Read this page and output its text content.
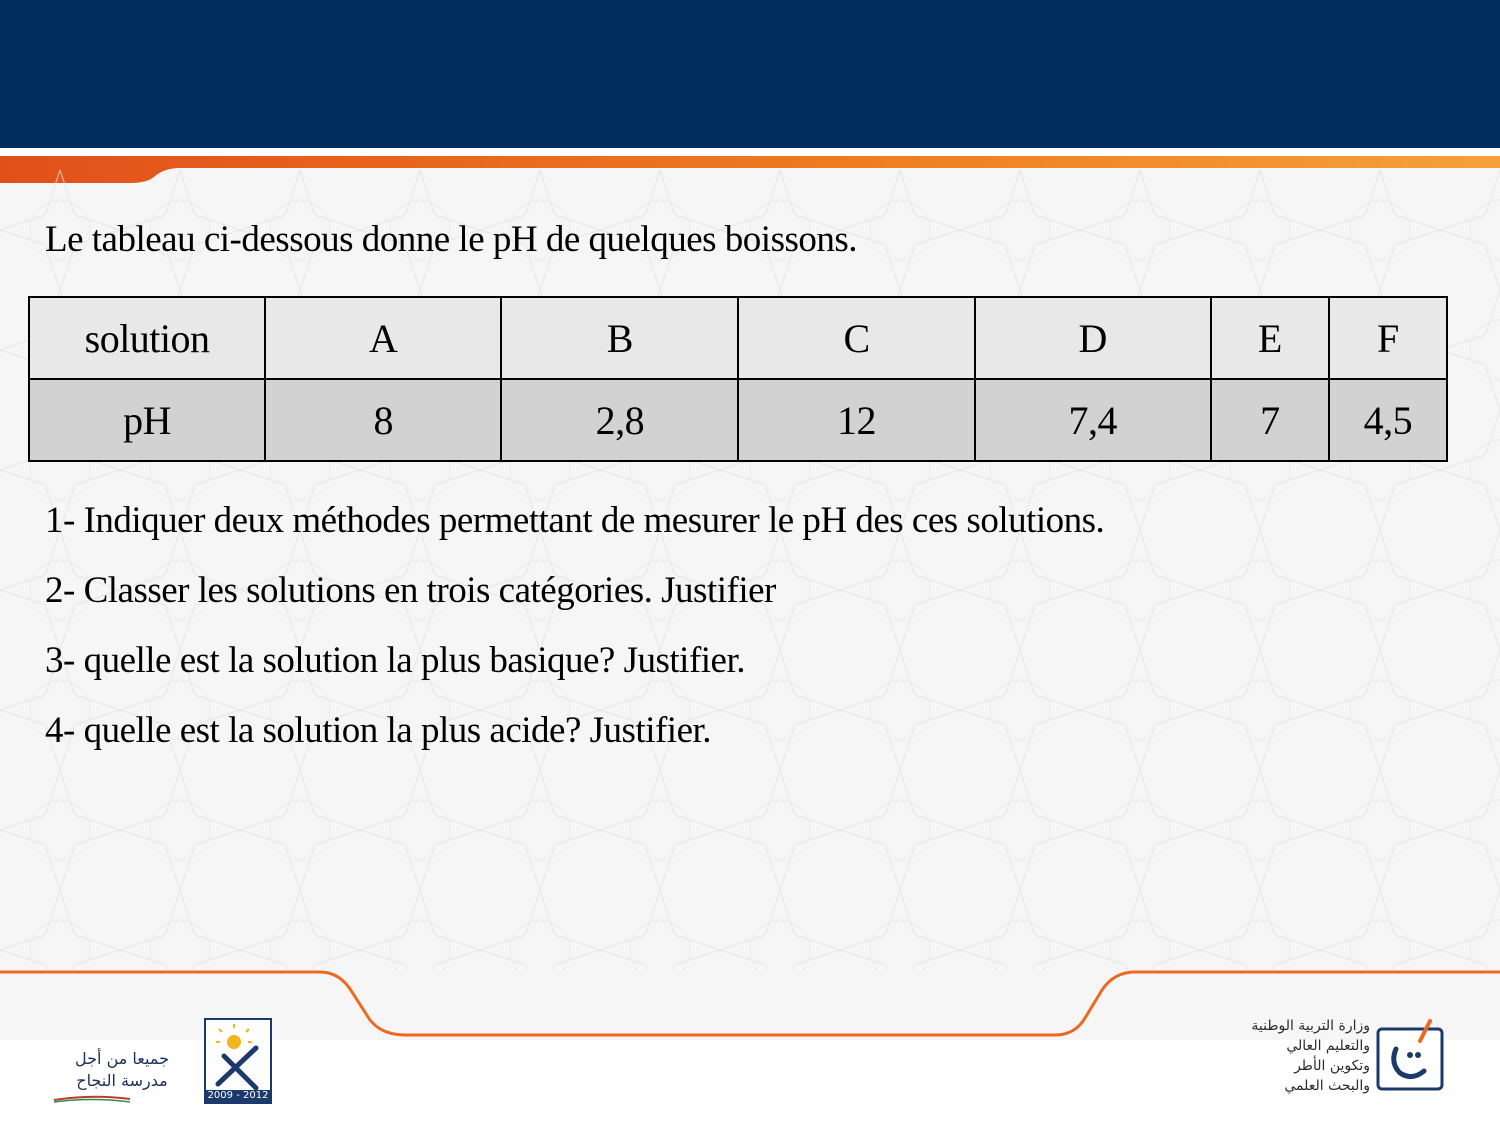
Le tableau ci-dessous donne le pH de quelques boissons.
solution	A	B	C	D	E	F
pH	8	2,8	12	7,4	7	4,5
1- Indiquer deux méthodes permettant de mesurer le pH des ces solutions.
2- Classer les solutions en trois catégories. Justifier
3- quelle est la solution la plus basique? Justifier.
4- quelle est la solution la plus acide? Justifier.
جميعا من أجل
مدرسة النجاح
2009 - 2012
وزارة التربية الوطنية
والتعليم العالي
وتكوين الأطر
والبحث العلمي
